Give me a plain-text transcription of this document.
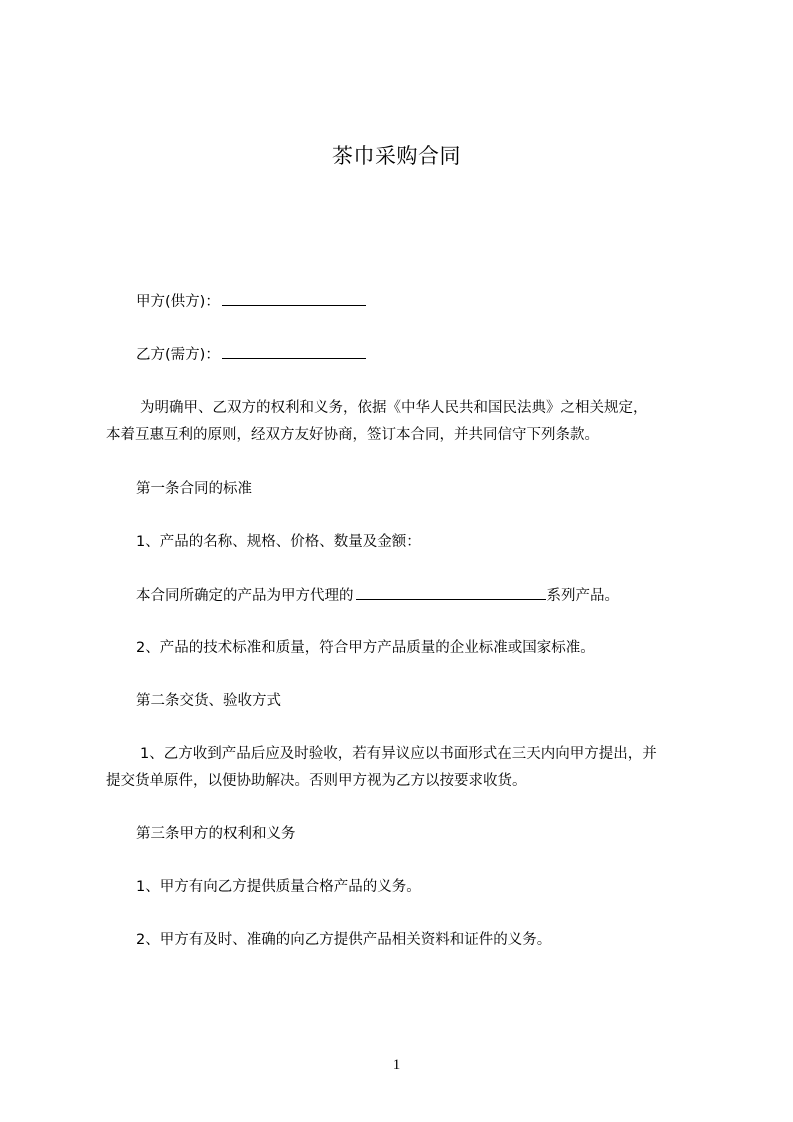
茶巾采购合同
甲方(供方)：
乙方(需方)：
为明确甲、乙双方的权利和义务，依据《中华人民共和国民法典》之相关规定，
本着互惠互利的原则，经双方友好协商，签订本合同，并共同信守下列条款。
第一条合同的标准
1、产品的名称、规格、价格、数量及金额：
本合同所确定的产品为甲方代理的	系列产品。
2、产品的技术标准和质量，符合甲方产品质量的企业标准或国家标准。
第二条交货、验收方式
1、乙方收到产品后应及时验收，若有异议应以书面形式在三天内向甲方提出，并
提交货单原件，以便协助解决。否则甲方视为乙方以按要求收货。
第三条甲方的权利和义务
1、甲方有向乙方提供质量合格产品的义务。
2、甲方有及时、准确的向乙方提供产品相关资料和证件的义务。
1
